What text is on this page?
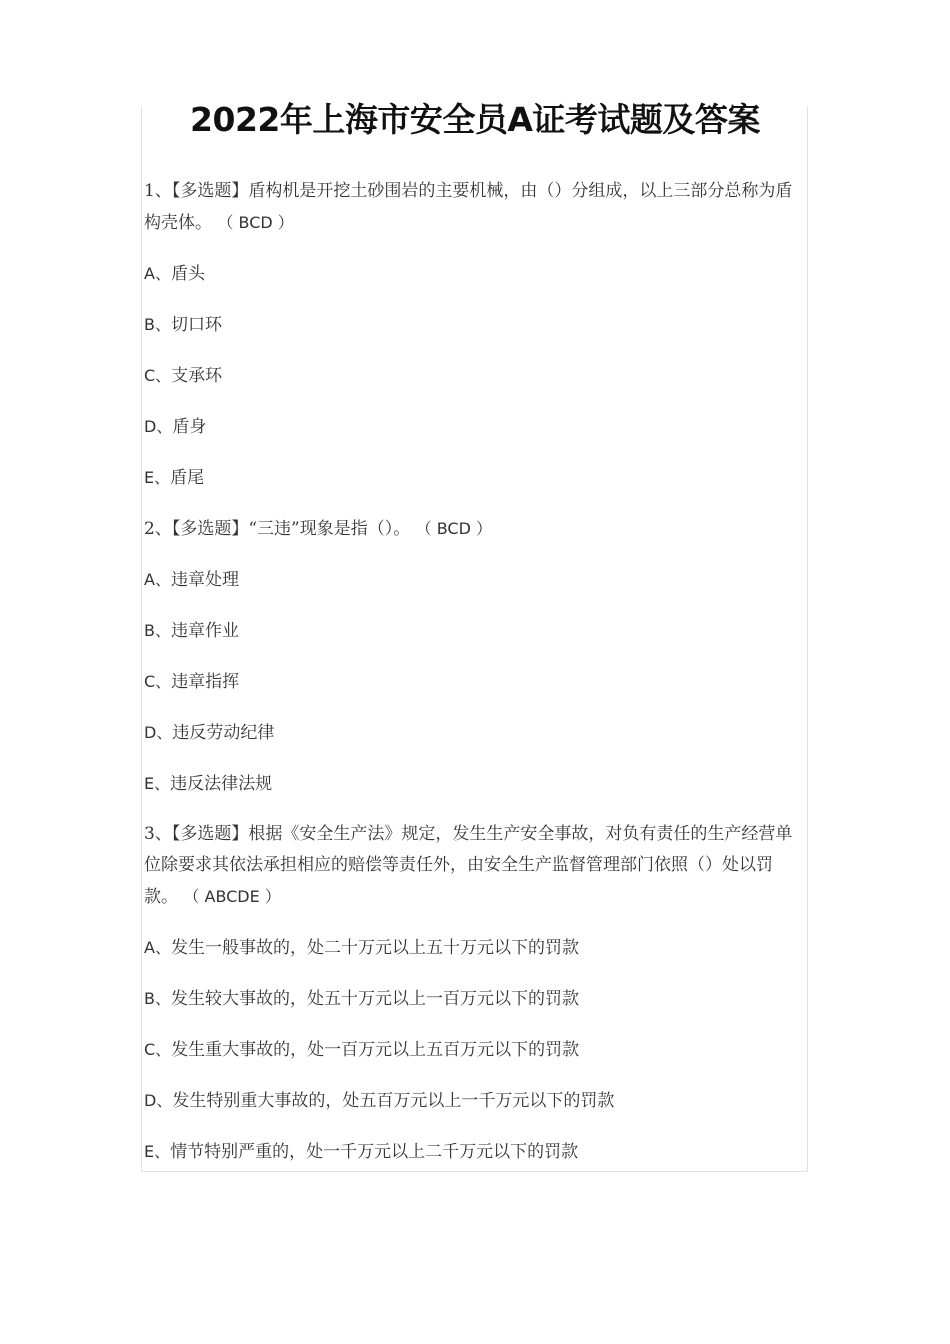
2022年上海市安全员A证考试题及答案

1、【多选题】盾构机是开挖土砂围岩的主要机械，由（）分组成，以上三部分总称为盾构壳体。 （ BCD ）

A、盾头

B、切口环

C、支承环

D、盾身

E、盾尾

2、【多选题】“三违”现象是指（）。 （ BCD ）

A、违章处理

B、违章作业

C、违章指挥

D、违反劳动纪律

E、违反法律法规

3、【多选题】根据《安全生产法》规定，发生生产安全事故，对负有责任的生产经营单位除要求其依法承担相应的赔偿等责任外，由安全生产监督管理部门依照（）处以罚款。 （ ABCDE ）

A、发生一般事故的，处二十万元以上五十万元以下的罚款

B、发生较大事故的，处五十万元以上一百万元以下的罚款

C、发生重大事故的，处一百万元以上五百万元以下的罚款

D、发生特别重大事故的，处五百万元以上一千万元以下的罚款

E、情节特别严重的，处一千万元以上二千万元以下的罚款
